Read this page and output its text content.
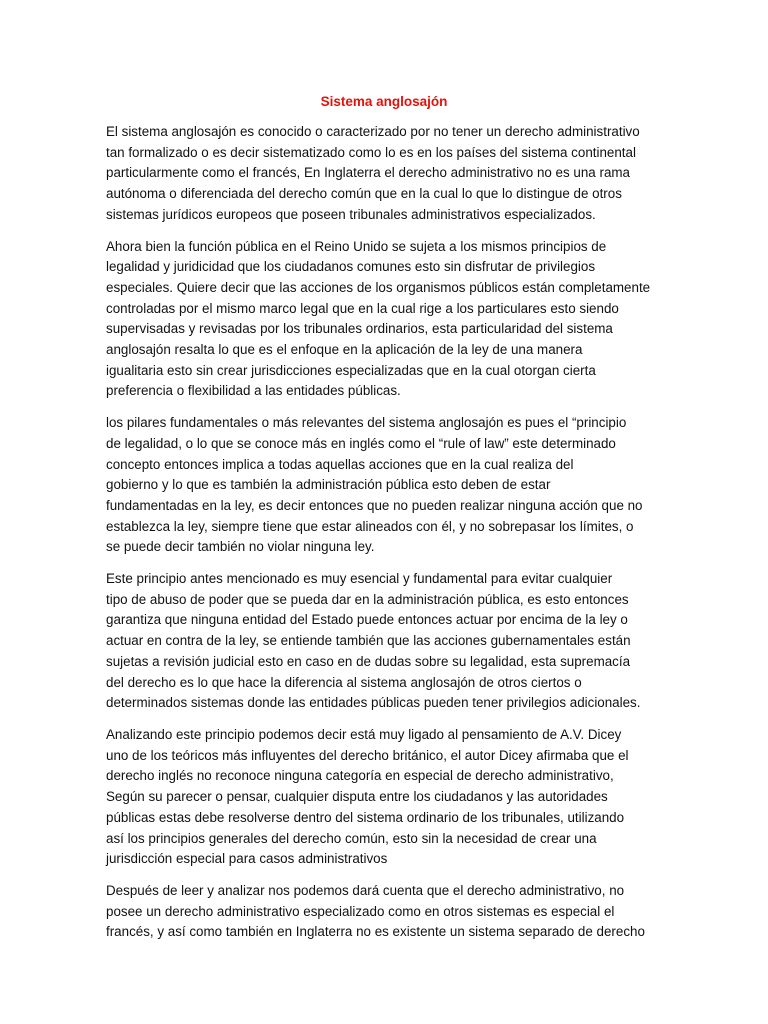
Sistema anglosajón

El sistema anglosajón es conocido o caracterizado por no tener un derecho administrativo
tan formalizado o es decir sistematizado como lo es en los países del sistema continental
particularmente como el francés, En Inglaterra el derecho administrativo no es una rama
autónoma o diferenciada del derecho común que en la cual lo que lo distingue de otros
sistemas jurídicos europeos que poseen tribunales administrativos especializados.

Ahora bien la función pública en el Reino Unido se sujeta a los mismos principios de
legalidad y juridicidad que los ciudadanos comunes esto sin disfrutar de privilegios
especiales. Quiere decir que las acciones de los organismos públicos están completamente
controladas por el mismo marco legal que en la cual rige a los particulares esto siendo
supervisadas y revisadas por los tribunales ordinarios, esta particularidad del sistema
anglosajón resalta lo que es el enfoque en la aplicación de la ley de una manera
igualitaria esto sin crear jurisdicciones especializadas que en la cual otorgan cierta
preferencia o flexibilidad a las entidades públicas.

los pilares fundamentales o más relevantes del sistema anglosajón es pues el “principio
de legalidad, o lo que se conoce más en inglés como el “rule of law” este determinado
concepto entonces implica a todas aquellas acciones que en la cual realiza del
gobierno y lo que es también la administración pública esto deben de estar
fundamentadas en la ley, es decir entonces que no pueden realizar ninguna acción que no
establezca la ley, siempre tiene que estar alineados con él, y no sobrepasar los límites, o
se puede decir también no violar ninguna ley.

Este principio antes mencionado es muy esencial y fundamental para evitar cualquier
tipo de abuso de poder que se pueda dar en la administración pública, es esto entonces
garantiza que ninguna entidad del Estado puede entonces actuar por encima de la ley o
actuar en contra de la ley, se entiende también que las acciones gubernamentales están
sujetas a revisión judicial esto en caso en de dudas sobre su legalidad, esta supremacía
del derecho es lo que hace la diferencia al sistema anglosajón de otros ciertos o
determinados sistemas donde las entidades públicas pueden tener privilegios adicionales.

Analizando este principio podemos decir está muy ligado al pensamiento de A.V. Dicey
uno de los teóricos más influyentes del derecho británico, el autor Dicey afirmaba que el
derecho inglés no reconoce ninguna categoría en especial de derecho administrativo,
Según su parecer o pensar, cualquier disputa entre los ciudadanos y las autoridades
públicas estas debe resolverse dentro del sistema ordinario de los tribunales, utilizando
así los principios generales del derecho común, esto sin la necesidad de crear una
jurisdicción especial para casos administrativos

Después de leer y analizar nos podemos dará cuenta que el derecho administrativo, no
posee un derecho administrativo especializado como en otros sistemas es especial el
francés, y así como también en Inglaterra no es existente un sistema separado de derecho
